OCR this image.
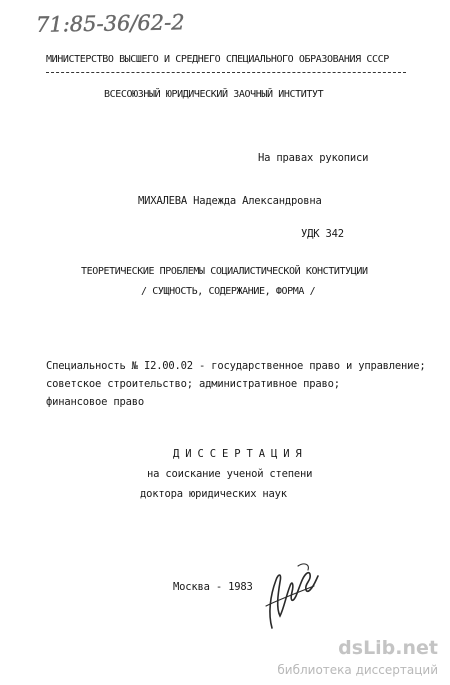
71:85-36/62-2
МИНИСТЕРСТВО ВЫСШЕГО И СРЕДНЕГО СПЕЦИАЛЬНОГО ОБРАЗОВАНИЯ СССР
ВСЕСОЮЗНЫЙ ЮРИДИЧЕСКИЙ ЗАОЧНЫЙ ИНСТИТУТ
На правах рукописи
МИХАЛЕВА Надежда Александровна
УДК 342
ТЕОРЕТИЧЕСКИЕ ПРОБЛЕМЫ СОЦИАЛИСТИЧЕСКОЙ КОНСТИТУЦИИ
/ СУЩНОСТЬ, СОДЕРЖАНИЕ, ФОРМА /
Специальность № I2.00.02 - государственное право и управление;
советское строительство; административное право;
финансовое право
Д И С С Е Р Т А Ц И Я
на соискание ученой степени
доктора юридических наук
Москва - 1983
dsLib.net
библиотека диссертаций
